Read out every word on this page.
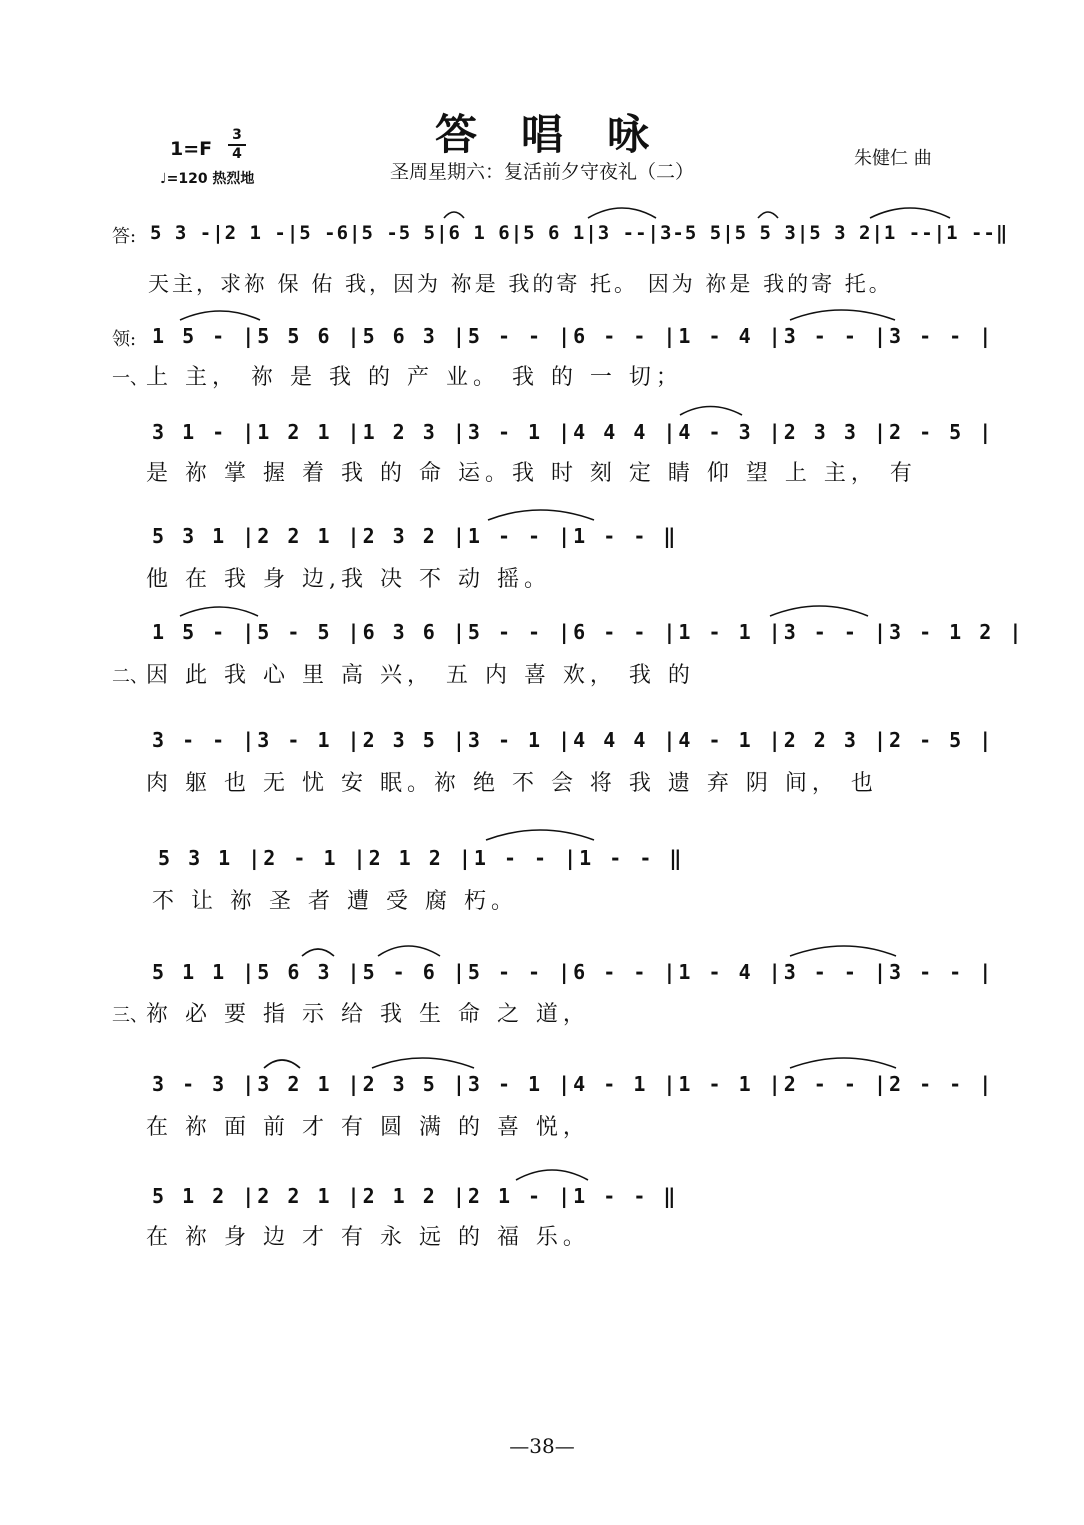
答唱咏
圣周星期六：复活前夕守夜礼（二）
朱健仁 曲
1=F
3
4
♩=120 热烈地
答: 5 3 -|2 1 -|5 -6|5 -5 5|6 1 6|5 6 1|3 --|3-5 5|5 5 3|5 3 2|1 --|1 --‖
天主，求祢 保 佑 我，因为 祢是 我的寄 托。 因为 祢是 我的寄 托。
领: 1 5 - |5 5 6 |5 6 3 |5 - - |6 - - |1 - 4 |3 - - |3 - - |
一、
上 主， 祢 是 我 的 产 业。 我 的 一 切；
3 1 - |1 2 1 |1 2 3 |3 - 1 |4 4 4 |4 - 3 |2 3 3 |2 - 5 |
是 祢 掌 握 着 我 的 命 运。我 时 刻 定 睛 仰 望 上 主， 有
5 3 1 |2 2 1 |2 3 2 |1 - - |1 - - ‖
他 在 我 身 边,我 决 不 动 摇。
1 5 - |5 - 5 |6 3 6 |5 - - |6 - - |1 - 1 |3 - - |3 - 1 2 |
二、
因 此 我 心 里 高 兴， 五 内 喜 欢， 我 的
3 - - |3 - 1 |2 3 5 |3 - 1 |4 4 4 |4 - 1 |2 2 3 |2 - 5 |
肉 躯 也 无 忧 安 眠。祢 绝 不 会 将 我 遗 弃 阴 间， 也
5 3 1 |2 - 1 |2 1 2 |1 - - |1 - - ‖
不 让 祢 圣 者 遭 受 腐 朽。
5 1 1 |5 6 3 |5 - 6 |5 - - |6 - - |1 - 4 |3 - - |3 - - |
三、
祢 必 要 指 示 给 我 生 命 之 道，
3 - 3 |3 2 1 |2 3 5 |3 - 1 |4 - 1 |1 - 1 |2 - - |2 - - |
在 祢 面 前 才 有 圆 满 的 喜 悦，
5 1 2 |2 2 1 |2 1 2 |2 1 - |1 - - ‖
在 祢 身 边 才 有 永 远 的 福 乐。
—38—
